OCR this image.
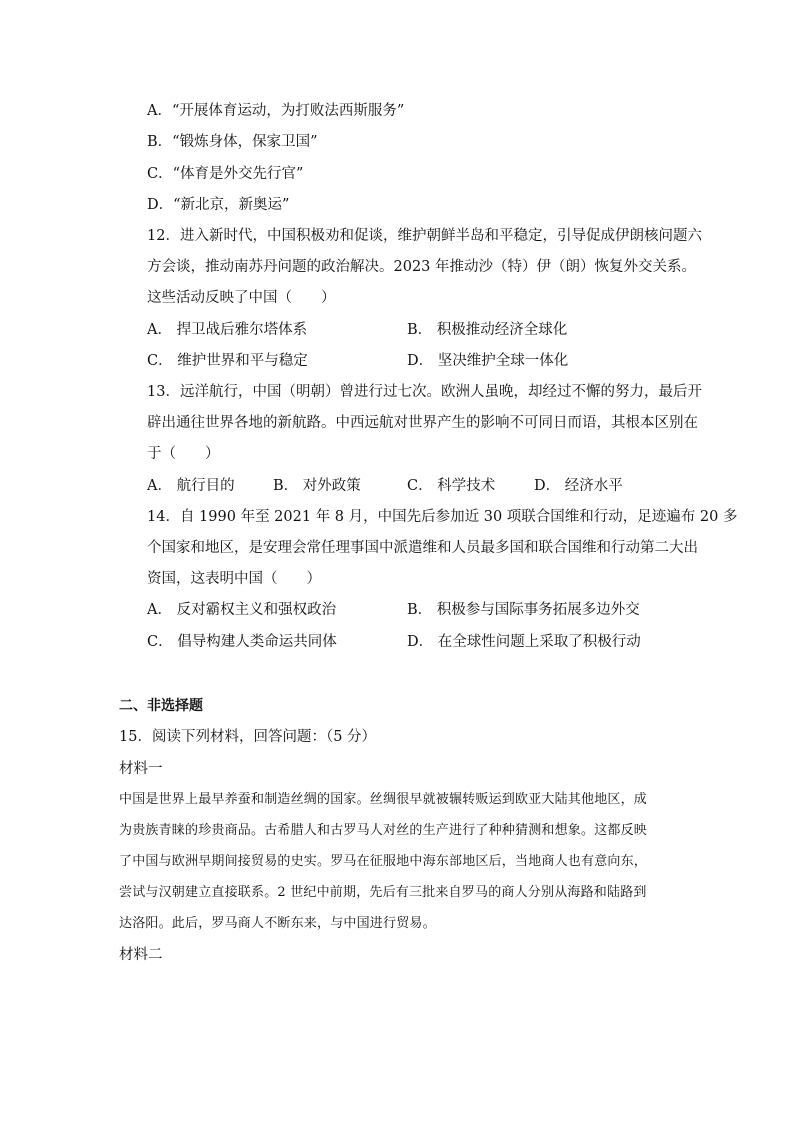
A．“开展体育运动，为打败法西斯服务”
B．“锻炼身体，保家卫国”
C．“体育是外交先行官”
D．“新北京，新奥运”
12．进入新时代，中国积极劝和促谈，维护朝鲜半岛和平稳定，引导促成伊朗核问题六
方会谈，推动南苏丹问题的政治解决。2023 年推动沙（特）伊（朗）恢复外交关系。
这些活动反映了中国（　　）
A． 捍卫战后雅尔塔体系	B． 积极推动经济全球化
C． 维护世界和平与稳定	D． 坚决维护全球一体化
13．远洋航行，中国（明朝）曾进行过七次。欧洲人虽晚，却经过不懈的努力，最后开
辟出通往世界各地的新航路。中西远航对世界产生的影响不可同日而语，其根本区别在
于（　　）
A． 航行目的	B． 对外政策	C． 科学技术	D． 经济水平
14．自 1990 年至 2021 年 8 月，中国先后参加近 30 项联合国维和行动，足迹遍布 20 多
个国家和地区，是安理会常任理事国中派遣维和人员最多国和联合国维和行动第二大出
资国，这表明中国（　　）
A． 反对霸权主义和强权政治	B． 积极参与国际事务拓展多边外交
C． 倡导构建人类命运共同体	D． 在全球性问题上采取了积极行动
二、非选择题
15．阅读下列材料，回答问题：（5 分）
材料一
中国是世界上最早养蚕和制造丝绸的国家。丝绸很早就被辗转贩运到欧亚大陆其他地区，成
为贵族青睐的珍贵商品。古希腊人和古罗马人对丝的生产进行了种种猜测和想象。这都反映
了中国与欧洲早期间接贸易的史实。罗马在征服地中海东部地区后，当地商人也有意向东，
尝试与汉朝建立直接联系。2 世纪中前期，先后有三批来自罗马的商人分别从海路和陆路到
达洛阳。此后，罗马商人不断东来，与中国进行贸易。
材料二
